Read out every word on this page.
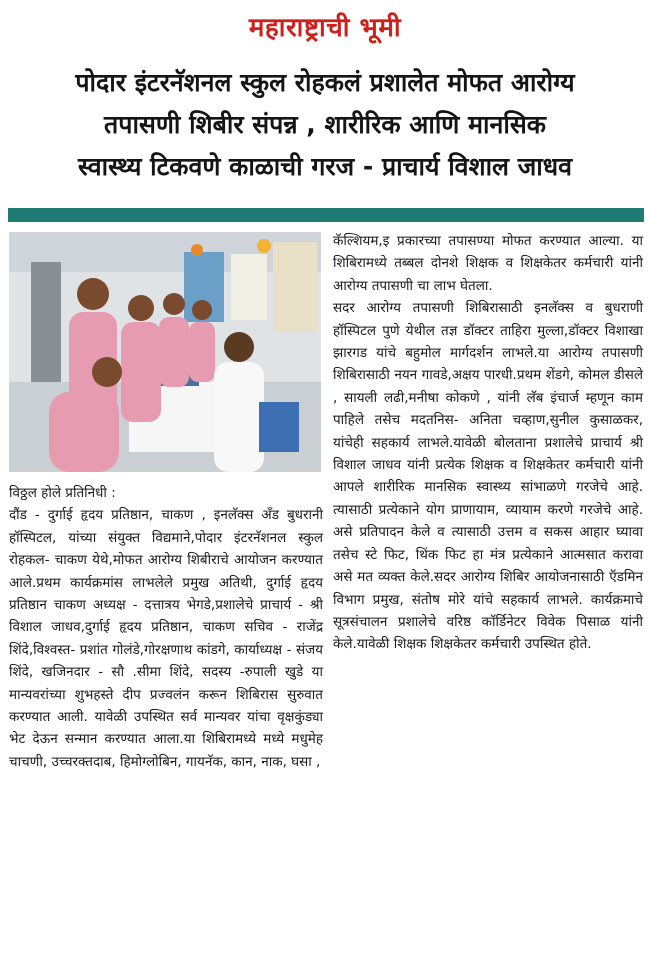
महाराष्ट्राची भूमी
पोदार इंटरनॅशनल स्कुल रोहकलं प्रशालेत मोफत आरोग्य
तपासणी शिबीर संपन्न , शारीरिक आणि मानसिक
स्वास्थ्य टिकवणे काळाची गरज - प्राचार्य विशाल जाधव

विठ्ठल होले प्रतिनिधी :

दौंड - दुर्गाई हृदय प्रतिष्ठान, चाकण , इनलॅक्स अँड बुधरानी हॉस्पिटल, यांच्या संयुक्त विद्यमाने,पोदार इंटरनॅशनल स्कुल रोहकल- चाकण येथे,मोफत आरोग्य शिबीराचे आयोजन करण्यात आले.प्रथम कार्यक्रमांस लाभलेले प्रमुख अतिथी, दुर्गाई हृदय प्रतिष्ठान चाकण अध्यक्ष - दत्तात्रय भेगडे,प्रशालेचे प्राचार्य - श्री विशाल जाधव,दुर्गाई हृदय प्रतिष्ठान, चाकण सचिव - राजेंद्र शिंदे,विश्वस्त- प्रशांत गोलंडे,गोरक्षणाथ कांडगे, कार्याध्यक्ष - संजय शिंदे, खजिनदार - सौ .सीमा शिंदे, सदस्य -रुपाली खुडे या मान्यवरांच्या शुभहस्ते दीप प्रज्वलंन करून शिबिरास सुरुवात करण्यात आली. यावेळी उपस्थित सर्व मान्यवर यांचा वृक्षकुंड्या भेट देऊन सन्मान करण्यात आला.या शिबिरामध्ये मध्ये मधुमेह चाचणी, उच्चरक्तदाब, हिमोग्लोबिन, गायनॅक, कान, नाक, घसा ,

कॅल्शियम,इ प्रकारच्या तपासण्या मोफत करण्यात आल्या. या शिबिरामध्ये तब्बल दोनशे शिक्षक व शिक्षकेतर कर्मचारी यांनी आरोग्य तपासणी चा लाभ घेतला.

सदर आरोग्य तपासणी शिबिरासाठी इनलॅक्स व बुधराणी हॉस्पिटल पुणे येथील तज्ञ डॉक्टर ताहिरा मुल्ला,डॉक्टर विशाखा झारगड यांचे बहुमोल मार्गदर्शन लाभले.या आरोग्य तपासणी शिबिरासाठी नयन गावडे,अक्षय पारधी.प्रथम शेंडगे, कोमल डीसले , सायली लढी,मनीषा कोकणे , यांनी लॅब इंचार्ज म्हणून काम पाहिले तसेच मदतनिस- अनिता चव्हाण,सुनील कुसाळकर, यांचेही सहकार्य लाभले.यावेळी बोलताना प्रशालेचे प्राचार्य श्री विशाल जाधव यांनी प्रत्येक शिक्षक व शिक्षकेतर कर्मचारी यांनी आपले शारीरिक मानसिक स्वास्थ्य सांभाळणे गरजेचे आहे. त्यासाठी प्रत्येकाने योग प्राणायाम, व्यायाम करणे गरजेचे आहे. असे प्रतिपादन केले व त्यासाठी उत्तम व सकस आहार घ्यावा तसेच स्टे फिट, थिंक फिट हा मंत्र प्रत्येकाने आत्मसात करावा असे मत व्यक्त केले.सदर आरोग्य शिबिर आयोजनासाठी ऍडमिन विभाग प्रमुख, संतोष मोरे यांचे सहकार्य लाभले. कार्यक्रमाचे सूत्रसंचालन प्रशालेचे वरिष्ठ कॉर्डिनेटर विवेक पिसाळ यांनी केले.यावेळी शिक्षक शिक्षकेतर कर्मचारी उपस्थित होते.
